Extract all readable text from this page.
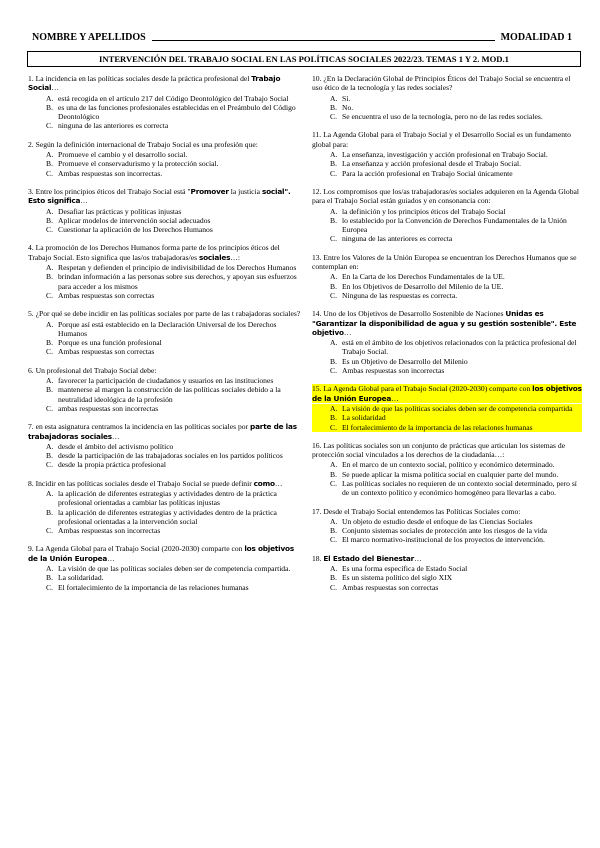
NOMBRE Y APELLIDOS	MODALIDAD 1
INTERVENCIÓN DEL TRABAJO SOCIAL EN LAS POLÍTICAS SOCIALES 2022/23. TEMAS 1 Y 2. MOD.1

1. La incidencia en las políticas sociales desde la práctica profesional del Trabajo Social…

A. está recogida en el artículo 217 del Código Deontológico del Trabajo Social
B. es una de las funciones profesionales establecidas en el Preámbulo del Código Deontológico
C. ninguna de las anteriores es correcta

2. Según la definición internacional de Trabajo Social es una profesión que:

A. Promueve el cambio y el desarrollo social.
B. Promueve el conservadurismo y la protección social.
C. Ambas respuestas son incorrectas.

3. Entre los principios éticos del Trabajo Social está "Promover la justicia social". Esto significa…

A. Desafiar las prácticas y políticas injustas
B. Aplicar modelos de intervención social adecuados
C. Cuestionar la aplicación de los Derechos Humanos

4. La promoción de los Derechos Humanos forma parte de los principios éticos del Trabajo Social. Esto significa que las/os trabajadoras/es sociales…:

A. Respetan y defienden el principio de indivisibilidad de los Derechos Humanos
B. brindan información a las personas sobre sus derechos, y apoyan sus esfuerzos para acceder a los mismos
C. Ambas respuestas son correctas

5. ¿Por qué se debe incidir en las políticas sociales por parte de las t rabajadoras sociales?

A. Porque así está establecido en la Declaración Universal de los Derechos Humanos
B. Porque es una función profesional
C. Ambas respuestas son correctas

6. Un profesional del Trabajo Social debe:

A. favorecer la participación de ciudadanos y usuarios en las instituciones
B. mantenerse al margen la construcción de las políticas sociales debido a la neutralidad ideológica de la profesión
C. ambas respuestas son incorrectas

7. en esta asignatura centramos la incidencia en las políticas sociales por parte de las trabajadoras sociales…

A. desde el ámbito del activismo político
B. desde la participación de las trabajadoras sociales en los partidos políticos
C. desde la propia práctica profesional

8. Incidir en las políticas sociales desde el Trabajo Social se puede definir como…

A. la aplicación de diferentes estrategias y actividades dentro de la práctica profesional orientadas a cambiar las políticas injustas
B. la aplicación de diferentes estrategias y actividades dentro de la práctica profesional orientadas a la intervención social
C. Ambas respuestas son incorrectas

9. La Agenda Global para el Trabajo Social (2020-2030) comparte con los objetivos de la Unión Europea…

A. La visión de que las políticas sociales deben ser de competencia compartida.
B. La solidaridad.
C. El fortalecimiento de la importancia de las relaciones humanas

10. ¿En la Declaración Global de Principios Éticos del Trabajo Social se encuentra el uso ético de la tecnología y las redes sociales?

A. Sí.
B. No.
C. Se encuentra el uso de la tecnología, pero no de las redes sociales.

11. La Agenda Global para el Trabajo Social y el Desarrollo Social es un fundamento global para:

A. La enseñanza, investigación y acción profesional en Trabajo Social.
B. La enseñanza y acción profesional desde el Trabajo Social.
C. Para la acción profesional en Trabajo Social únicamente

12. Los compromisos que los/as trabajadoras/es sociales adquieren en la Agenda Global para el Trabajo Social están guiados y en consonancia con:

A. la definición y los principios éticos del Trabajo Social
B. lo establecido por la Convención de Derechos Fundamentales de la Unión Europea
C. ninguna de las anteriores es correcta

13. Entre los Valores de la Unión Europea se encuentran los Derechos Humanos que se contemplan en:

A. En la Carta de los Derechos Fundamentales de la UE.
B. En los Objetivos de Desarrollo del Milenio de la UE.
C. Ninguna de las respuestas es correcta.

14. Uno de los Objetivos de Desarrollo Sostenible de Naciones Unidas es "Garantizar la disponibilidad de agua y su gestión sostenible". Este objetivo…

A. está en el ámbito de los objetivos relacionados con la práctica profesional del Trabajo Social.
B. Es un Objetivo de Desarrollo del Milenio
C. Ambas respuestas son incorrectas

15. La Agenda Global para el Trabajo Social (2020-2030) comparte con los objetivos de la Unión Europea…

A. La visión de que las políticas sociales deben ser de competencia compartida
B. La solidaridad
C. El fortalecimiento de la importancia de las relaciones humanas

16. Las políticas sociales son un conjunto de prácticas que articulan los sistemas de protección social vinculados a los derechos de la ciudadanía…:

A. En el marco de un contexto social, político y económico determinado.
B. Se puede aplicar la misma política social en cualquier parte del mundo.
C. Las políticas sociales no requieren de un contexto social determinado, pero sí de un contexto político y económico homogéneo para llevarlas a cabo.

17. Desde el Trabajo Social entendemos las Políticas Sociales como:

A. Un objeto de estudio desde el enfoque de las Ciencias Sociales
B. Conjunto sistemas sociales de protección ante los riesgos de la vida
C. El marco normativo-institucional de los proyectos de intervención.

18. El Estado del Bienestar…

A. Es una forma específica de Estado Social
B. Es un sistema político del siglo XIX
C. Ambas respuestas son correctas
